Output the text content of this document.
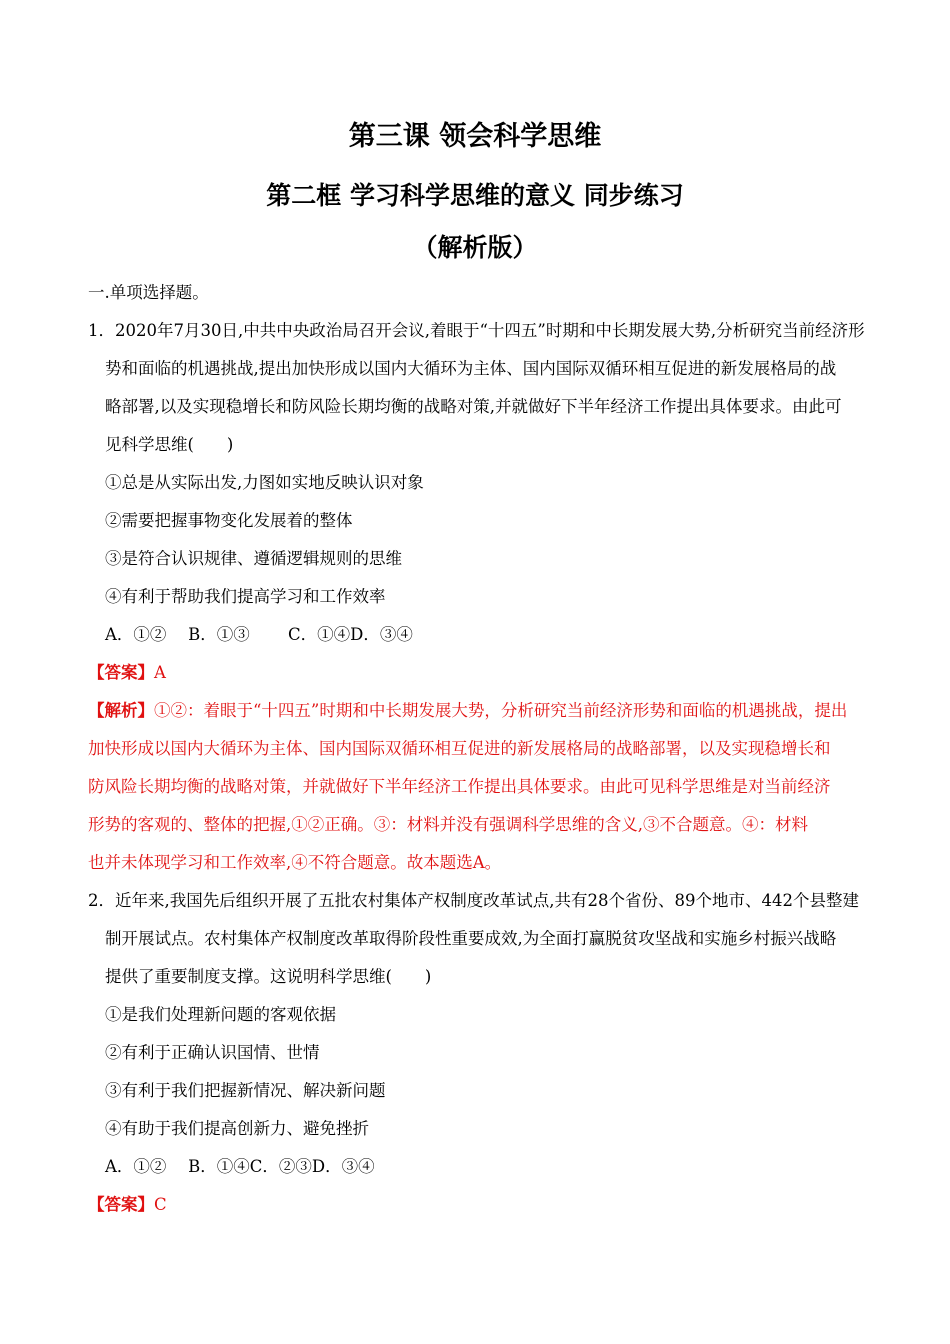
第三课 领会科学思维
第二框 学习科学思维的意义 同步练习
（解析版）
一.单项选择题。
1．2020年7月30日,中共中央政治局召开会议,着眼于“十四五”时期和中长期发展大势,分析研究当前经济形
势和面临的机遇挑战,提出加快形成以国内大循环为主体、国内国际双循环相互促进的新发展格局的战
略部署,以及实现稳增长和防风险长期均衡的战略对策,并就做好下半年经济工作提出具体要求。由此可
见科学思维(　　)
①总是从实际出发,力图如实地反映认识对象
②需要把握事物变化发展着的整体
③是符合认识规律、遵循逻辑规则的思维
④有利于帮助我们提高学习和工作效率
A．①②　 B．①③　　 C．①④D．③④
【答案】A
【解析】①②：着眼于“十四五”时期和中长期发展大势，分析研究当前经济形势和面临的机遇挑战，提出
加快形成以国内大循环为主体、国内国际双循环相互促进的新发展格局的战略部署，以及实现稳增长和
防风险长期均衡的战略对策，并就做好下半年经济工作提出具体要求。由此可见科学思维是对当前经济
形势的客观的、整体的把握,①②正确。③：材料并没有强调科学思维的含义,③不合题意。④：材料
也并未体现学习和工作效率,④不符合题意。故本题选A。
2．近年来,我国先后组织开展了五批农村集体产权制度改革试点,共有28个省份、89个地市、442个县整建
制开展试点。农村集体产权制度改革取得阶段性重要成效,为全面打赢脱贫攻坚战和实施乡村振兴战略
提供了重要制度支撑。这说明科学思维(　　)
①是我们处理新问题的客观依据
②有利于正确认识国情、世情
③有利于我们把握新情况、解决新问题
④有助于我们提高创新力、避免挫折
A．①②　 B．①④C．②③D．③④
【答案】C
